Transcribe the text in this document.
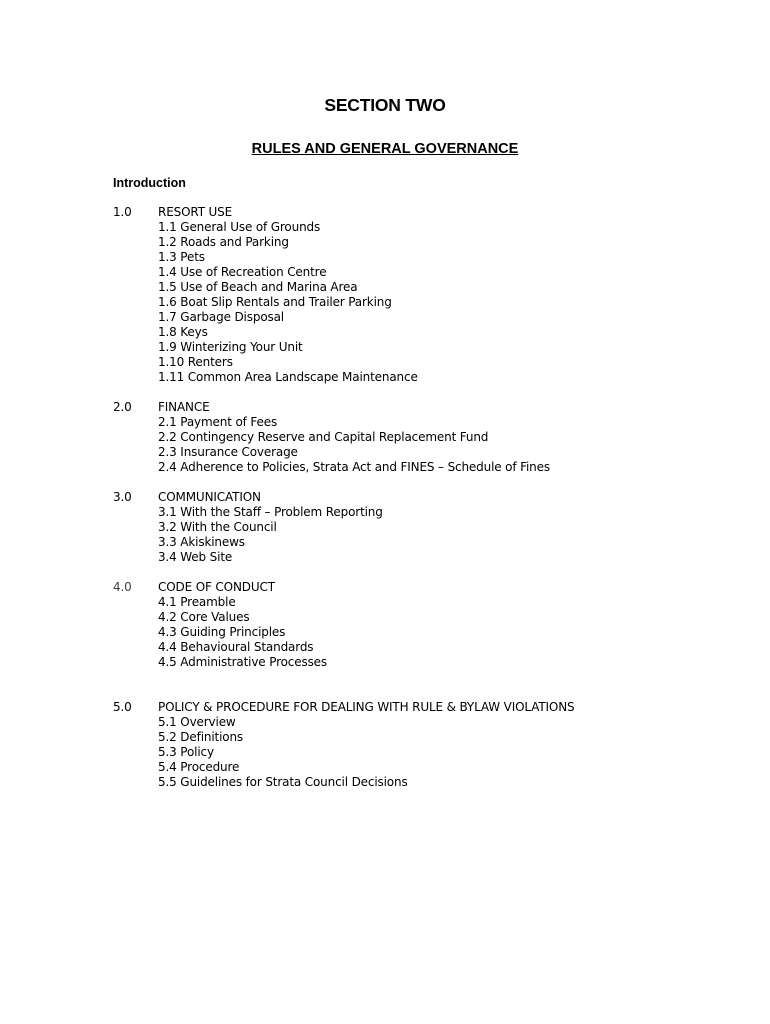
SECTION TWO
RULES AND GENERAL GOVERNANCE
Introduction
1.0 RESORT USE
1.1 General Use of Grounds
1.2 Roads and Parking
1.3 Pets
1.4 Use of Recreation Centre
1.5 Use of Beach and Marina Area
1.6 Boat Slip Rentals and Trailer Parking
1.7 Garbage Disposal
1.8 Keys
1.9 Winterizing Your Unit
1.10 Renters
1.11 Common Area Landscape Maintenance
2.0 FINANCE
2.1 Payment of Fees
2.2 Contingency Reserve and Capital Replacement Fund
2.3 Insurance Coverage
2.4 Adherence to Policies, Strata Act and FINES – Schedule of Fines
3.0 COMMUNICATION
3.1 With the Staff – Problem Reporting
3.2 With the Council
3.3 Akiskinews
3.4 Web Site
4.0 CODE OF CONDUCT
4.1 Preamble
4.2 Core Values
4.3 Guiding Principles
4.4 Behavioural Standards
4.5 Administrative Processes
5.0 POLICY & PROCEDURE FOR DEALING WITH RULE & BYLAW VIOLATIONS
5.1 Overview
5.2 Definitions
5.3 Policy
5.4 Procedure
5.5 Guidelines for Strata Council Decisions
